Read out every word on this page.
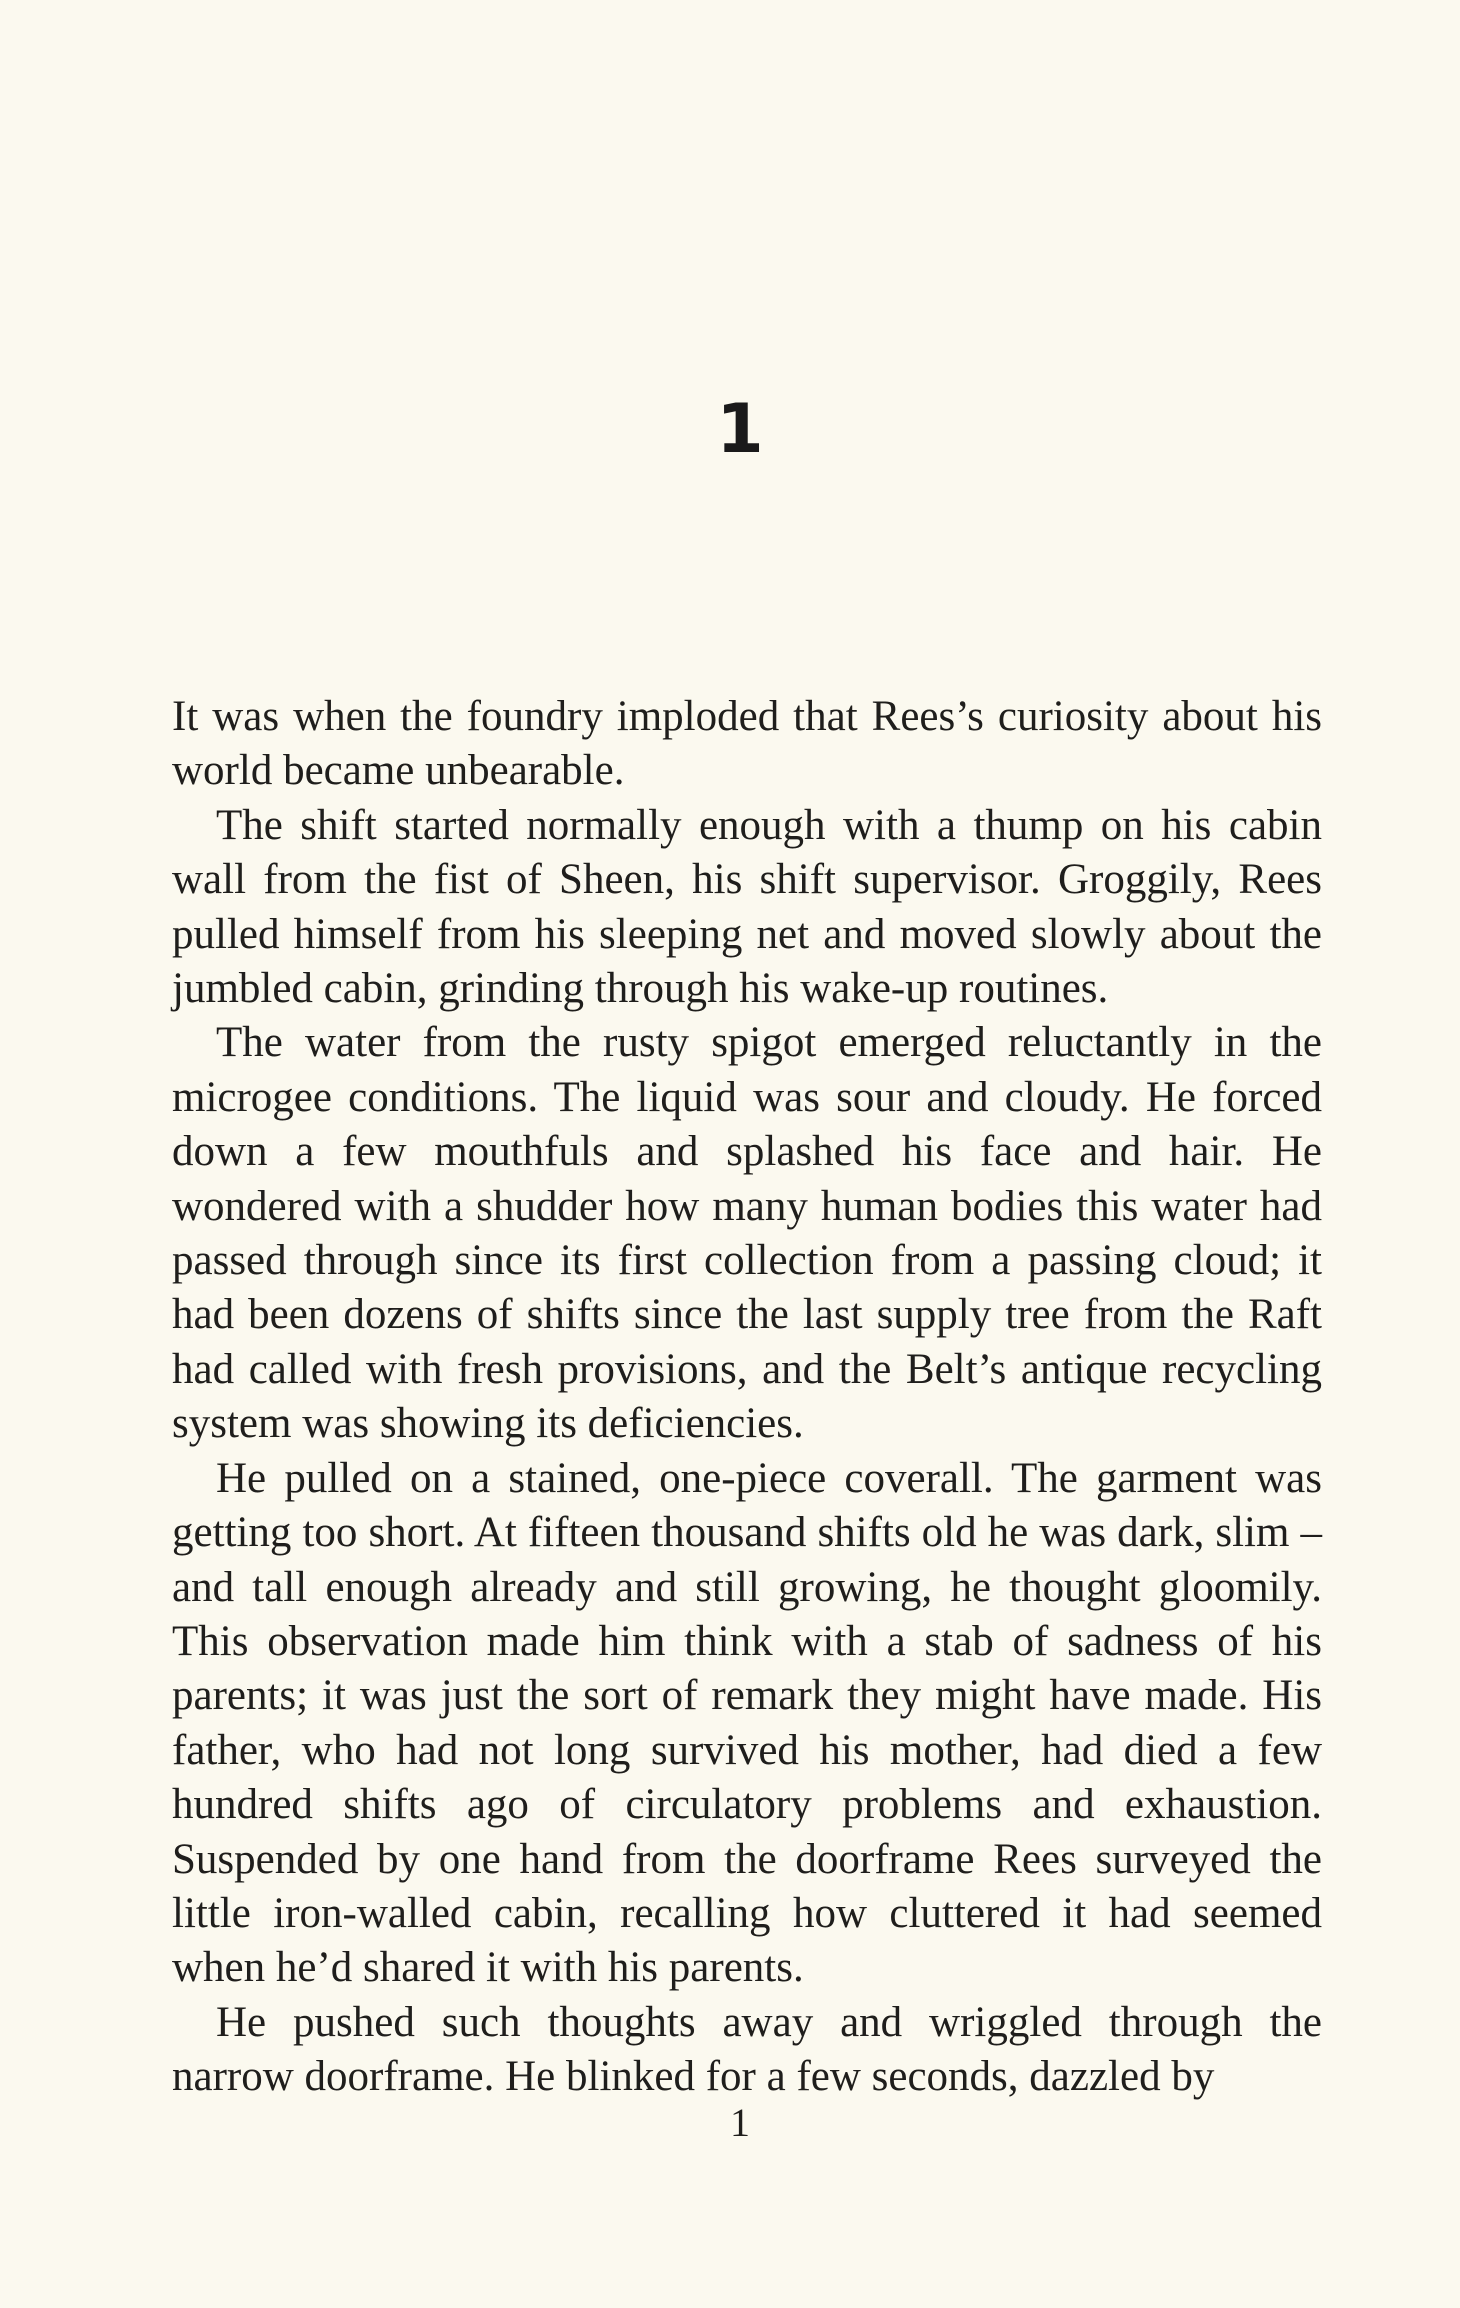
1

It was when the foundry imploded that Rees’s curiosity about his world became unbearable.

The shift started normally enough with a thump on his cabin wall from the fist of Sheen, his shift supervisor. Groggily, Rees pulled himself from his sleeping net and moved slowly about the jumbled cabin, grinding through his wake-up routines.

The water from the rusty spigot emerged reluctantly in the microgee conditions. The liquid was sour and cloudy. He forced down a few mouthfuls and splashed his face and hair. He wondered with a shudder how many human bodies this water had passed through since its first collection from a passing cloud; it had been dozens of shifts since the last supply tree from the Raft had called with fresh provisions, and the Belt’s antique recycling system was showing its deficiencies.

He pulled on a stained, one-piece coverall. The garment was getting too short. At fifteen thousand shifts old he was dark, slim – and tall enough already and still growing, he thought gloomily. This observation made him think with a stab of sadness of his parents; it was just the sort of remark they might have made. His father, who had not long survived his mother, had died a few hundred shifts ago of circulatory problems and exhaustion. Suspended by one hand from the doorframe Rees surveyed the little iron-walled cabin, recalling how cluttered it had seemed when he’d shared it with his parents.

He pushed such thoughts away and wriggled through the narrow doorframe. He blinked for a few seconds, dazzled by

1
